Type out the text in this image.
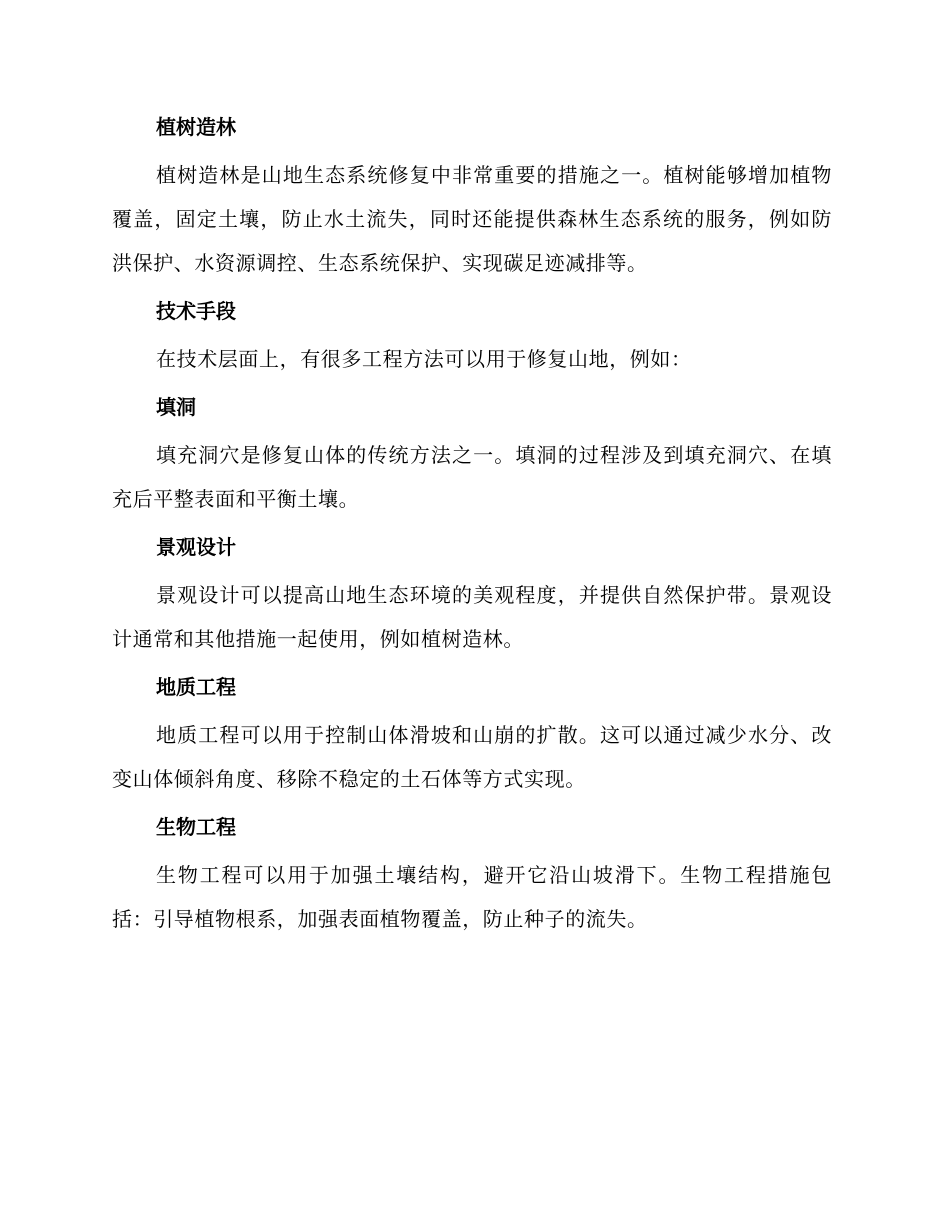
植树造林
植树造林是山地生态系统修复中非常重要的措施之一。植树能够增加植物覆盖，固定土壤，防止水土流失，同时还能提供森林生态系统的服务，例如防洪保护、水资源调控、生态系统保护、实现碳足迹减排等。
技术手段
在技术层面上，有很多工程方法可以用于修复山地，例如：
填洞
填充洞穴是修复山体的传统方法之一。填洞的过程涉及到填充洞穴、在填充后平整表面和平衡土壤。
景观设计
景观设计可以提高山地生态环境的美观程度，并提供自然保护带。景观设计通常和其他措施一起使用，例如植树造林。
地质工程
地质工程可以用于控制山体滑坡和山崩的扩散。这可以通过减少水分、改变山体倾斜角度、移除不稳定的土石体等方式实现。
生物工程
生物工程可以用于加强土壤结构，避开它沿山坡滑下。生物工程措施包括：引导植物根系，加强表面植物覆盖，防止种子的流失。
